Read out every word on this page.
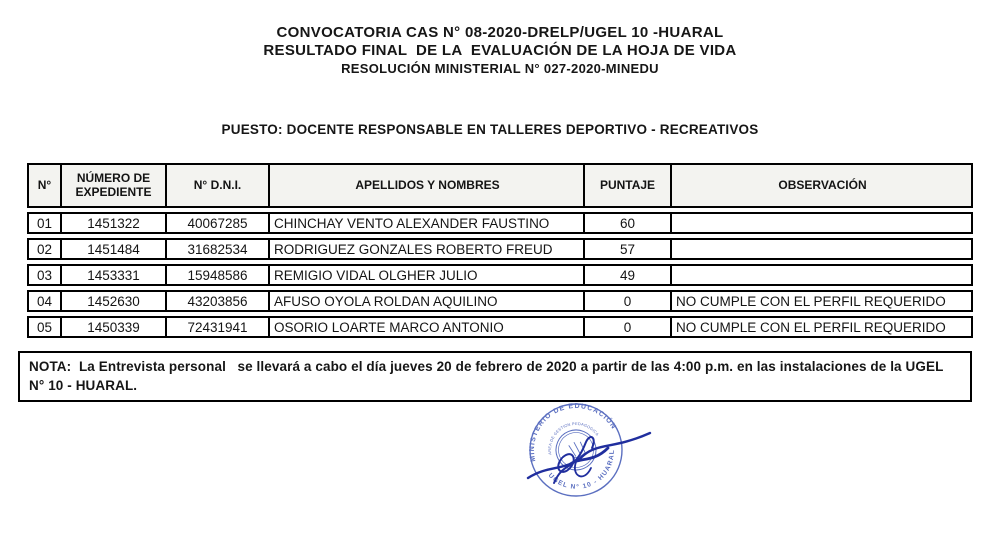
CONVOCATORIA CAS N° 08-2020-DRELP/UGEL 10 -HUARAL
RESULTADO FINAL  DE LA  EVALUACIÓN DE LA HOJA DE VIDA
RESOLUCIÓN MINISTERIAL N° 027-2020-MINEDU
PUESTO: DOCENTE RESPONSABLE EN TALLERES DEPORTIVO - RECREATIVOS
N°	NÚMERO DE EXPEDIENTE	N° D.N.I.	APELLIDOS Y NOMBRES	PUNTAJE	OBSERVACIÓN
01	1451322	40067285	CHINCHAY VENTO ALEXANDER FAUSTINO	60
02	1451484	31682534	RODRIGUEZ GONZALES ROBERTO FREUD	57
03	1453331	15948586	REMIGIO VIDAL OLGHER JULIO	49
04	1452630	43203856	AFUSO OYOLA ROLDAN AQUILINO	0	NO CUMPLE CON EL PERFIL REQUERIDO
05	1450339	72431941	OSORIO LOARTE MARCO ANTONIO	0	NO CUMPLE CON EL PERFIL REQUERIDO
NOTA:  La Entrevista personal   se llevará a cabo el día jueves 20 de febrero de 2020 a partir de las 4:00 p.m. en las instalaciones de la UGEL N° 10 - HUARAL.
MINISTERIO DE EDUCACIÓN
UGEL N° 10 - HUARAL
AREA DE GESTION PEDAGOGICA
